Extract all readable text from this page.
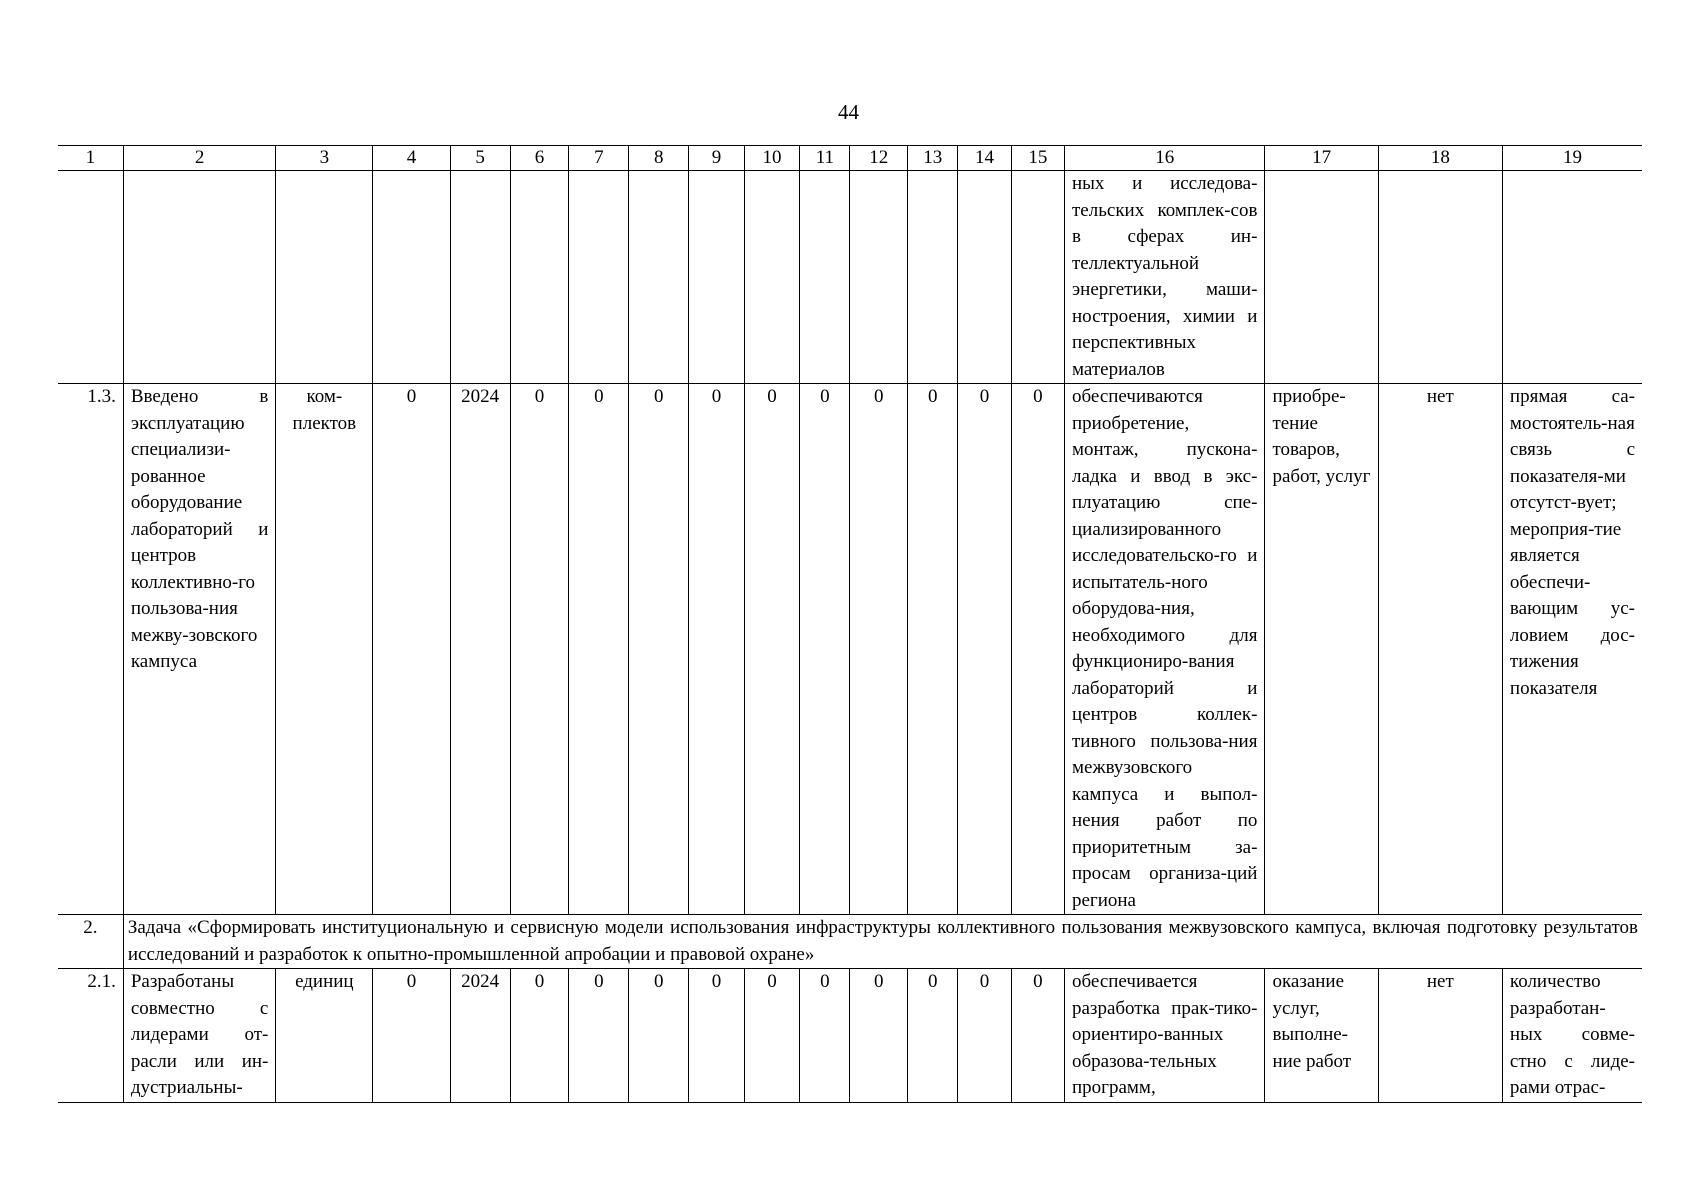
44
1	2	3	4	5	6	7	8	9	10	11	12	13	14	15	16	17	18	19
															ных и исследова-тельских комплек-сов в сферах ин-теллектуальной энергетики, маши-ностроения, химии и перспективных материалов			
1.3.	Введено в эксплуатацию специализи-рованное оборудование лабораторий и центров коллективно-го пользова-ния межву-зовского кампуса	ком-плектов	0	2024	0	0	0	0	0	0	0	0	0	0	обеспечиваются приобретение, монтаж, пускона-ладка и ввод в экс-плуатацию спе-циализированного исследовательско-го и испытатель-ного оборудова-ния, необходимого для функциониро-вания лабораторий и центров коллек-тивного пользова-ния межвузовского кампуса и выпол-нения работ по приоритетным за-просам организа-ций региона	приобре-тение товаров, работ, услуг	нет	прямая са-мостоятель-ная связь с показателя-ми отсутст-вует; мероприя-тие является обеспечи-вающим ус-ловием дос-тижения показателя
2.	Задача «Сформировать институциональную и сервисную модели использования инфраструктуры коллективного пользования межвузовского кампуса, включая подготовку результатов исследований и разработок к опытно-промышленной апробации и правовой охране»																	
2.1.	Разработаны совместно с лидерами от-расли или ин-дустриальны-	единиц	0	2024	0	0	0	0	0	0	0	0	0	0	обеспечивается разработка прак-тико-ориентиро-ванных образова-тельных программ,	оказание услуг, выполне-ние работ	нет	количество разработан-ных совме-стно с лиде-рами отрас-
